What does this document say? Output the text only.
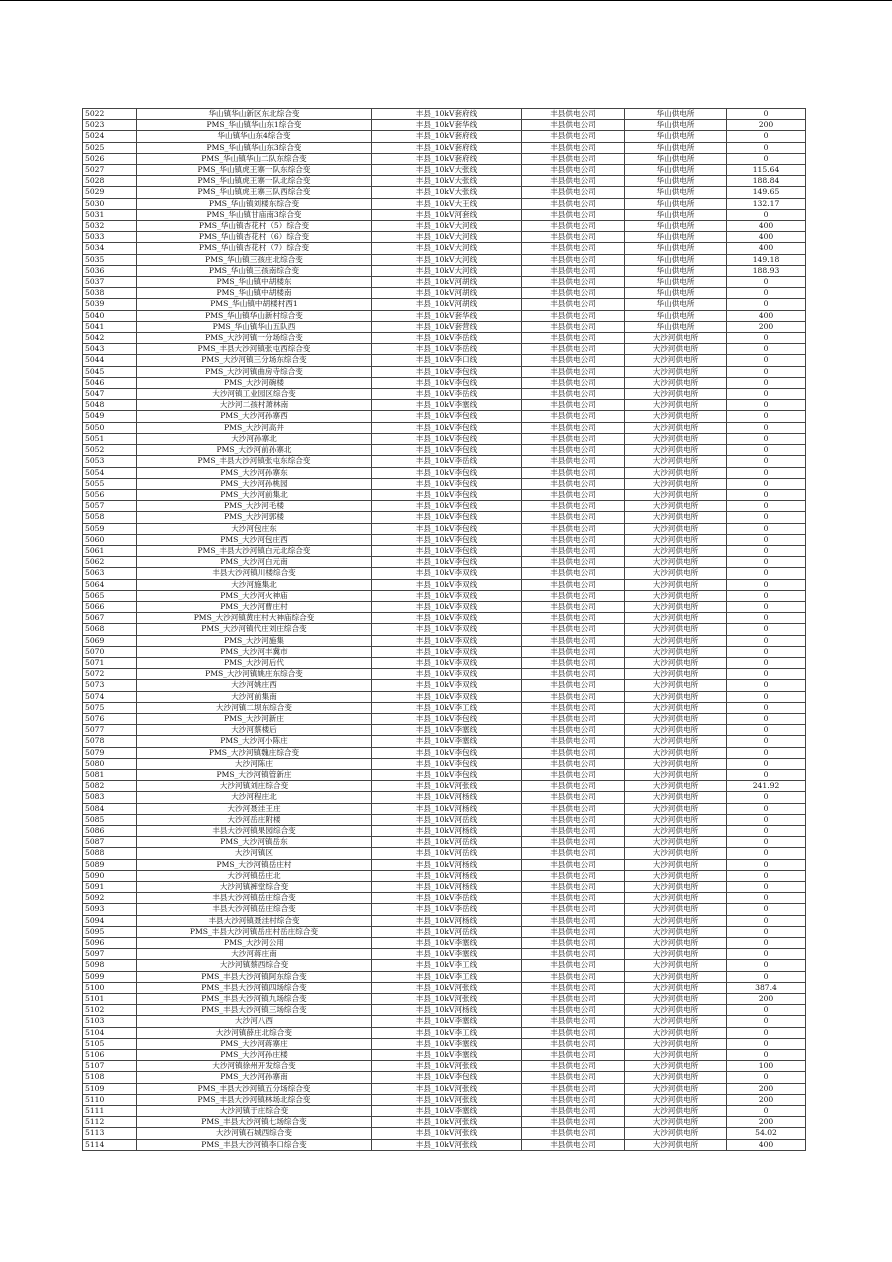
5022	华山镇华山新区东北综合变	丰县_10kV套府线	丰县供电公司	华山供电所	0
5023	PMS_华山镇华山东1综合变	丰县_10kV套华线	丰县供电公司	华山供电所	200
5024	华山镇华山东4综合变	丰县_10kV套府线	丰县供电公司	华山供电所	0
5025	PMS_华山镇华山东3综合变	丰县_10kV套府线	丰县供电公司	华山供电所	0
5026	PMS_华山镇华山二队东综合变	丰县_10kV套府线	丰县供电公司	华山供电所	0
5027	PMS_华山镇虎王寨一队东综合变	丰县_10kV大张线	丰县供电公司	华山供电所	115.64
5028	PMS_华山镇虎王寨一队北综合变	丰县_10kV大张线	丰县供电公司	华山供电所	188.84
5029	PMS_华山镇虎王寨三队西综合变	丰县_10kV大张线	丰县供电公司	华山供电所	149.65
5030	PMS_华山镇刘楼东综合变	丰县_10kV大王线	丰县供电公司	华山供电所	132.17
5031	PMS_华山镇甘庙南3综合变	丰县_10kV河套线	丰县供电公司	华山供电所	0
5032	PMS_华山镇杏花村（5）综合变	丰县_10kV大河线	丰县供电公司	华山供电所	400
5033	PMS_华山镇杏花村（6）综合变	丰县_10kV大河线	丰县供电公司	华山供电所	400
5034	PMS_华山镇杏花村（7）综合变	丰县_10kV大河线	丰县供电公司	华山供电所	400
5035	PMS_华山镇三孩庄北综合变	丰县_10kV大河线	丰县供电公司	华山供电所	149.18
5036	PMS_华山镇三孩南综合变	丰县_10kV大河线	丰县供电公司	华山供电所	188.93
5037	PMS_华山镇中胡楼东	丰县_10kV河胡线	丰县供电公司	华山供电所	0
5038	PMS_华山镇中胡楼南	丰县_10kV河胡线	丰县供电公司	华山供电所	0
5039	PMS_华山镇中胡楼村西1	丰县_10kV河胡线	丰县供电公司	华山供电所	0
5040	PMS_华山镇华山新村综合变	丰县_10kV套华线	丰县供电公司	华山供电所	400
5041	PMS_华山镇华山五队西	丰县_10kV套营线	丰县供电公司	华山供电所	200
5042	PMS_大沙河镇一分场综合变	丰县_10kV李岳线	丰县供电公司	大沙河供电所	0
5043	PMS_丰县大沙河镇张屯西综合变	丰县_10kV李岳线	丰县供电公司	大沙河供电所	0
5044	PMS_大沙河镇三分场东综合变	丰县_10kV李口线	丰县供电公司	大沙河供电所	0
5045	PMS_大沙河镇曲房寺综合变	丰县_10kV李包线	丰县供电公司	大沙河供电所	0
5046	PMS_大沙河碗楼	丰县_10kV李包线	丰县供电公司	大沙河供电所	0
5047	大沙河镇工业园区综合变	丰县_10kV李岳线	丰县供电公司	大沙河供电所	0
5048	大沙河二孩村萧林南	丰县_10kV李塞线	丰县供电公司	大沙河供电所	0
5049	PMS_大沙河孙寨西	丰县_10kV李包线	丰县供电公司	大沙河供电所	0
5050	PMS_大沙河高井	丰县_10kV李包线	丰县供电公司	大沙河供电所	0
5051	大沙河孙寨北	丰县_10kV李包线	丰县供电公司	大沙河供电所	0
5052	PMS_大沙河前孙寨北	丰县_10kV李包线	丰县供电公司	大沙河供电所	0
5053	PMS_丰县大沙河镇张屯东综合变	丰县_10kV李岳线	丰县供电公司	大沙河供电所	0
5054	PMS_大沙河孙寨东	丰县_10kV李包线	丰县供电公司	大沙河供电所	0
5055	PMS_大沙河孙桃园	丰县_10kV李包线	丰县供电公司	大沙河供电所	0
5056	PMS_大沙河前集北	丰县_10kV李包线	丰县供电公司	大沙河供电所	0
5057	PMS_大沙河毛楼	丰县_10kV李包线	丰县供电公司	大沙河供电所	0
5058	PMS_大沙河郭楼	丰县_10kV李包线	丰县供电公司	大沙河供电所	0
5059	大沙河包庄东	丰县_10kV李包线	丰县供电公司	大沙河供电所	0
5060	PMS_大沙河包庄西	丰县_10kV李包线	丰县供电公司	大沙河供电所	0
5061	PMS_丰县大沙河镇白元北综合变	丰县_10kV李包线	丰县供电公司	大沙河供电所	0
5062	PMS_大沙河白元南	丰县_10kV李包线	丰县供电公司	大沙河供电所	0
5063	丰县大沙河镇川楼综合变	丰县_10kV李双线	丰县供电公司	大沙河供电所	0
5064	大沙河施集北	丰县_10kV李双线	丰县供电公司	大沙河供电所	0
5065	PMS_大沙河火神庙	丰县_10kV李双线	丰县供电公司	大沙河供电所	0
5066	PMS_大沙河曹庄村	丰县_10kV李双线	丰县供电公司	大沙河供电所	0
5067	PMS_大沙河镇黄庄村大神庙综合变	丰县_10kV李双线	丰县供电公司	大沙河供电所	0
5068	PMS_大沙河镇代庄刘庄综合变	丰县_10kV李双线	丰县供电公司	大沙河供电所	0
5069	PMS_大沙河施集	丰县_10kV李双线	丰县供电公司	大沙河供电所	0
5070	PMS_大沙河丰冀市	丰县_10kV李双线	丰县供电公司	大沙河供电所	0
5071	PMS_大沙河后代	丰县_10kV李双线	丰县供电公司	大沙河供电所	0
5072	PMS_大沙河镇姚庄东综合变	丰县_10kV李双线	丰县供电公司	大沙河供电所	0
5073	大沙河姚庄西	丰县_10kV李双线	丰县供电公司	大沙河供电所	0
5074	大沙河前集南	丰县_10kV李双线	丰县供电公司	大沙河供电所	0
5075	大沙河镇二坝东综合变	丰县_10kV李工线	丰县供电公司	大沙河供电所	0
5076	PMS_大沙河新庄	丰县_10kV李包线	丰县供电公司	大沙河供电所	0
5077	大沙河蔡楼后	丰县_10kV李塞线	丰县供电公司	大沙河供电所	0
5078	PMS_大沙河小陈庄	丰县_10kV李塞线	丰县供电公司	大沙河供电所	0
5079	PMS_大沙河镇魏庄综合变	丰县_10kV李包线	丰县供电公司	大沙河供电所	0
5080	大沙河陈庄	丰县_10kV李包线	丰县供电公司	大沙河供电所	0
5081	PMS_大沙河镇管新庄	丰县_10kV李包线	丰县供电公司	大沙河供电所	0
5082	大沙河镇刘庄综合变	丰县_10kV河张线	丰县供电公司	大沙河供电所	241.92
5083	大沙河程庄北	丰县_10kV河杨线	丰县供电公司	大沙河供电所	0
5084	大沙河聂洼王庄	丰县_10kV河杨线	丰县供电公司	大沙河供电所	0
5085	大沙河岳庄附楼	丰县_10kV河岳线	丰县供电公司	大沙河供电所	0
5086	丰县大沙河镇果园综合变	丰县_10kV河杨线	丰县供电公司	大沙河供电所	0
5087	PMS_大沙河镇岳东	丰县_10kV河岳线	丰县供电公司	大沙河供电所	0
5088	大沙河镇区	丰县_10kV河岳线	丰县供电公司	大沙河供电所	0
5089	PMS_大沙河镇岳庄村	丰县_10kV河杨线	丰县供电公司	大沙河供电所	0
5090	大沙河镇岳庄北	丰县_10kV河杨线	丰县供电公司	大沙河供电所	0
5091	大沙河镇裤堂综合变	丰县_10kV河杨线	丰县供电公司	大沙河供电所	0
5092	丰县大沙河镇岳庄综合变	丰县_10kV李岳线	丰县供电公司	大沙河供电所	0
5093	丰县大沙河镇岳庄综合变	丰县_10kV李岳线	丰县供电公司	大沙河供电所	0
5094	丰县大沙河镇聂洼村综合变	丰县_10kV河杨线	丰县供电公司	大沙河供电所	0
5095	PMS_丰县大沙河镇岳庄村岳庄综合变	丰县_10kV河岳线	丰县供电公司	大沙河供电所	0
5096	PMS_大沙河公用	丰县_10kV李塞线	丰县供电公司	大沙河供电所	0
5097	大沙河蒋庄南	丰县_10kV李塞线	丰县供电公司	大沙河供电所	0
5098	大沙河镇蔡西综合变	丰县_10kV李工线	丰县供电公司	大沙河供电所	0
5099	PMS_丰县大沙河镇阿东综合变	丰县_10kV李工线	丰县供电公司	大沙河供电所	0
5100	PMS_丰县大沙河镇四场综合变	丰县_10kV河张线	丰县供电公司	大沙河供电所	387.4
5101	PMS_丰县大沙河镇九场综合变	丰县_10kV河张线	丰县供电公司	大沙河供电所	200
5102	PMS_丰县大沙河镇三场综合变	丰县_10kV河杨线	丰县供电公司	大沙河供电所	0
5103	大沙河八西	丰县_10kV李塞线	丰县供电公司	大沙河供电所	0
5104	大沙河镇薛庄北综合变	丰县_10kV李工线	丰县供电公司	大沙河供电所	0
5105	PMS_大沙河蒋寨庄	丰县_10kV李塞线	丰县供电公司	大沙河供电所	0
5106	PMS_大沙河孙庄楼	丰县_10kV李塞线	丰县供电公司	大沙河供电所	0
5107	大沙河镇徐州开发综合变	丰县_10kV河张线	丰县供电公司	大沙河供电所	100
5108	PMS_大沙河孙寨南	丰县_10kV李包线	丰县供电公司	大沙河供电所	0
5109	PMS_丰县大沙河镇五分场综合变	丰县_10kV河张线	丰县供电公司	大沙河供电所	200
5110	PMS_丰县大沙河镇林场北综合变	丰县_10kV河张线	丰县供电公司	大沙河供电所	200
5111	大沙河镇于庄综合变	丰县_10kV李塞线	丰县供电公司	大沙河供电所	0
5112	PMS_丰县大沙河镇七场综合变	丰县_10kV河张线	丰县供电公司	大沙河供电所	200
5113	大沙河镇石城西综合变	丰县_10kV河张线	丰县供电公司	大沙河供电所	54.02
5114	PMS_丰县大沙河镇李口综合变	丰县_10kV河张线	丰县供电公司	大沙河供电所	400
